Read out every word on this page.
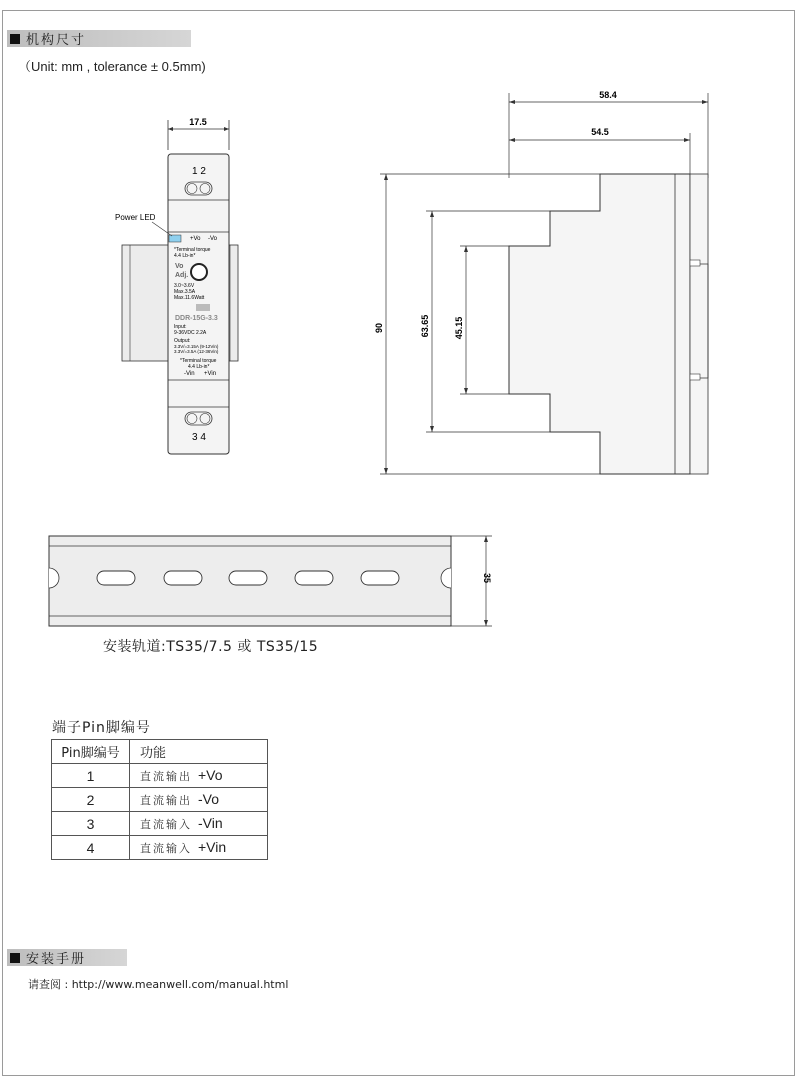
机构尺寸
（Unit: mm , tolerance ± 0.5mm)
17.5
1 2
Power LED
+Vo -Vo
*Terminal torque
4.4 Lb-in*
Vo
Adj.
3.0~3.6V
Max.3.5A
Max.11.6Watt
DDR-15G-3.3
Input:
9-36VDC 2.2A
Output:
3.3V/=3.15A (9-12Vin)
3.3V/=3.5A (12-36Vin)
*Terminal torque
4.4 Lb-in*
-Vin +Vin
3 4
58.4
54.5
90	63.65	45.15
35
安装轨道:TS35/7.5 或 TS35/15
端子Pin脚编号
Pin脚编号	功能
1	直流输出 +Vo
2	直流输出 -Vo
3	直流输入 -Vin
4	直流输入 +Vin
安装手册
请查阅 : http://www.meanwell.com/manual.html
